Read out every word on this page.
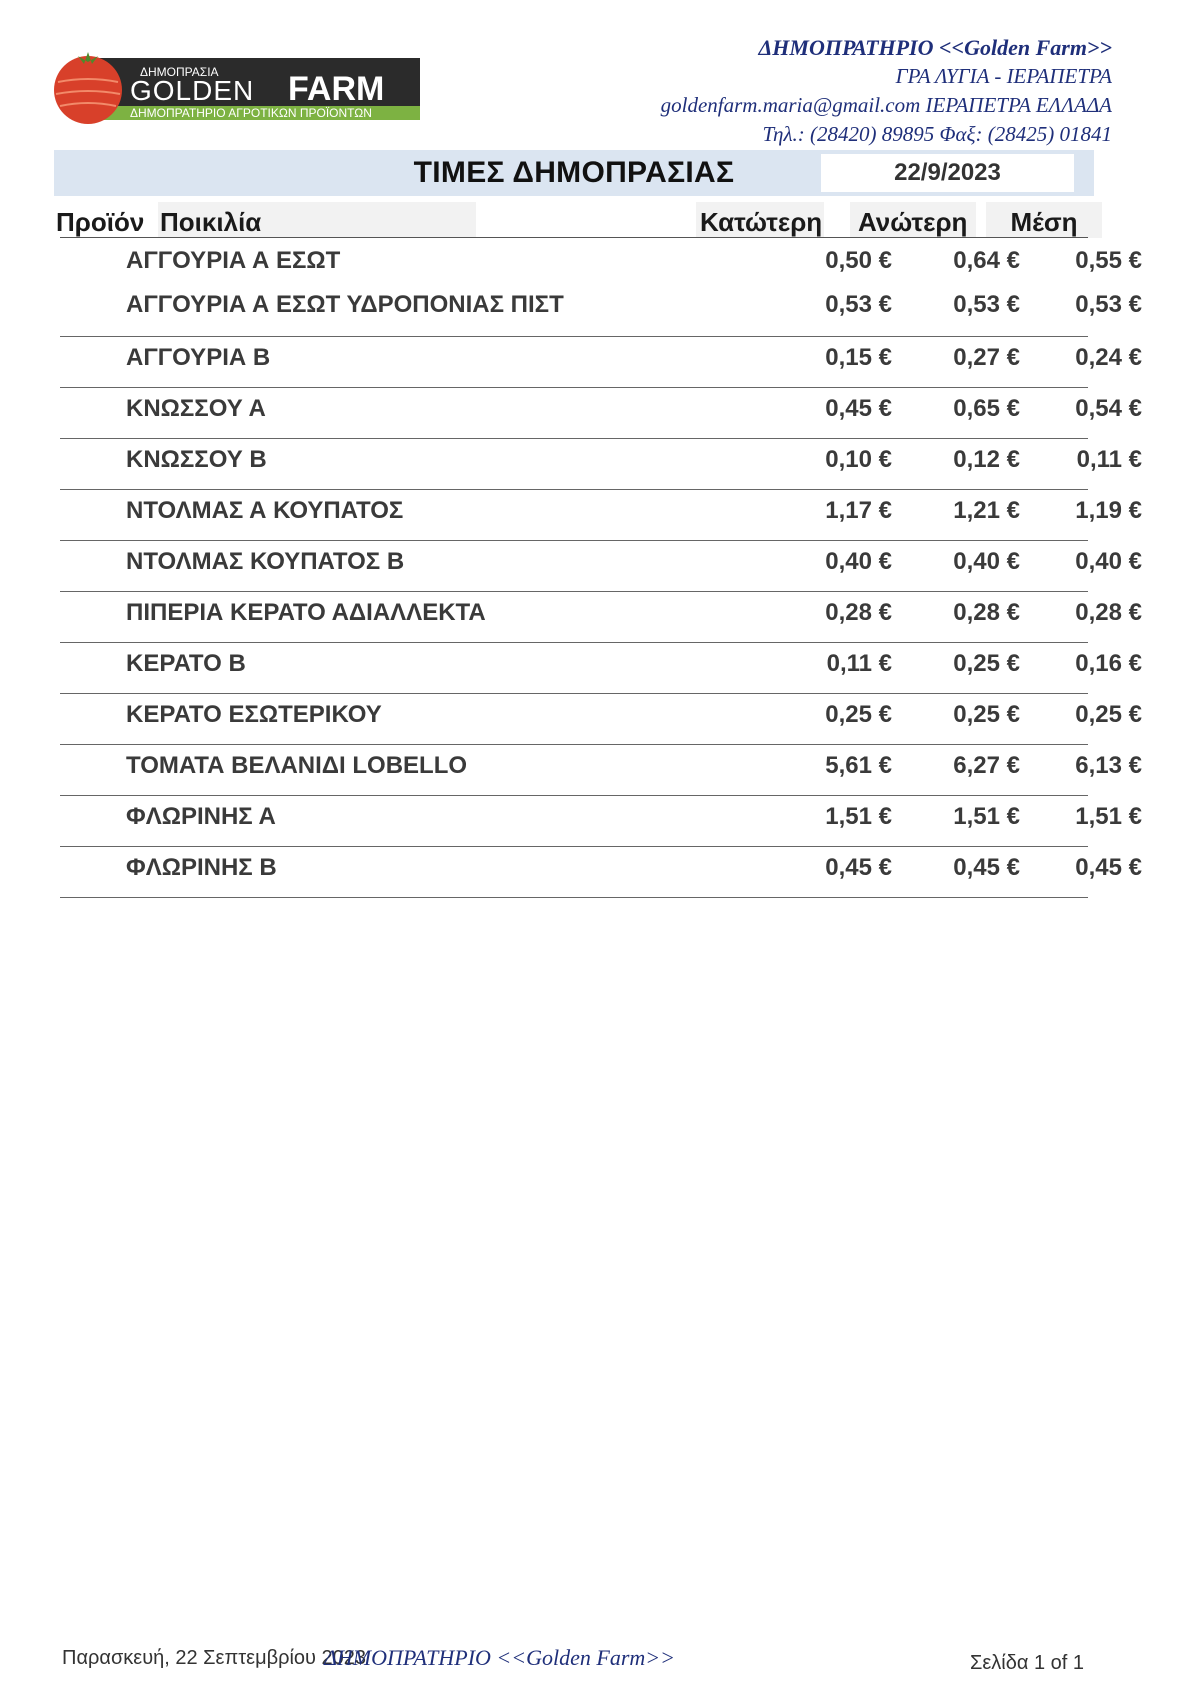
ΔΗΜΟΠΡΑΣΙΑ
GOLDEN FARM
ΔΗΜΟΠΡΑΤΗΡΙΟ ΑΓΡΟΤΙΚΩΝ ΠΡΟΪΟΝΤΩΝ
ΔΗΜΟΠΡΑΤΗΡΙΟ <<Golden Farm>>
ΓΡΑ ΛΥΓΙΑ - ΙΕΡΑΠΕΤΡΑ
goldenfarm.maria@gmail.com ΙΕΡΑΠΕΤΡΑ ΕΛΛΑΔΑ
Τηλ.: (28420) 89895 Φαξ: (28425) 01841
ΤΙΜΕΣ ΔΗΜΟΠΡΑΣΙΑΣ	22/9/2023
Προϊόν Ποικιλία	Κατώτερη	Ανώτερη	Μέση
ΑΓΓΟΥΡΙΑ Α ΕΣΩΤ	0,50 €	0,64 €	0,55 €
ΑΓΓΟΥΡΙΑ Α ΕΣΩΤ ΥΔΡΟΠΟΝΙΑΣ ΠΙΣΤ	0,53 €	0,53 €	0,53 €
ΑΓΓΟΥΡΙΑ Β	0,15 €	0,27 €	0,24 €
ΚΝΩΣΣΟΥ Α	0,45 €	0,65 €	0,54 €
ΚΝΩΣΣΟΥ Β	0,10 €	0,12 €	0,11 €
ΝΤΟΛΜΑΣ Α ΚΟΥΠΑΤΟΣ	1,17 €	1,21 €	1,19 €
ΝΤΟΛΜΑΣ ΚΟΥΠΑΤΟΣ Β	0,40 €	0,40 €	0,40 €
ΠΙΠΕΡΙΑ ΚΕΡΑΤΟ ΑΔΙΑΛΛΕΚΤΑ	0,28 €	0,28 €	0,28 €
ΚΕΡΑΤΟ Β	0,11 €	0,25 €	0,16 €
ΚΕΡΑΤΟ ΕΣΩΤΕΡΙΚΟΥ	0,25 €	0,25 €	0,25 €
ΤΟΜΑΤΑ ΒΕΛΑΝΙΔΙ LOBELLO	5,61 €	6,27 €	6,13 €
ΦΛΩΡΙΝΗΣ Α	1,51 €	1,51 €	1,51 €
ΦΛΩΡΙΝΗΣ Β	0,45 €	0,45 €	0,45 €
Παρασκευή, 22 Σεπτεμβρίου 2023
ΔΗΜΟΠΡΑΤΗΡΙΟ <<Golden Farm>>	Σελίδα 1 of 1
